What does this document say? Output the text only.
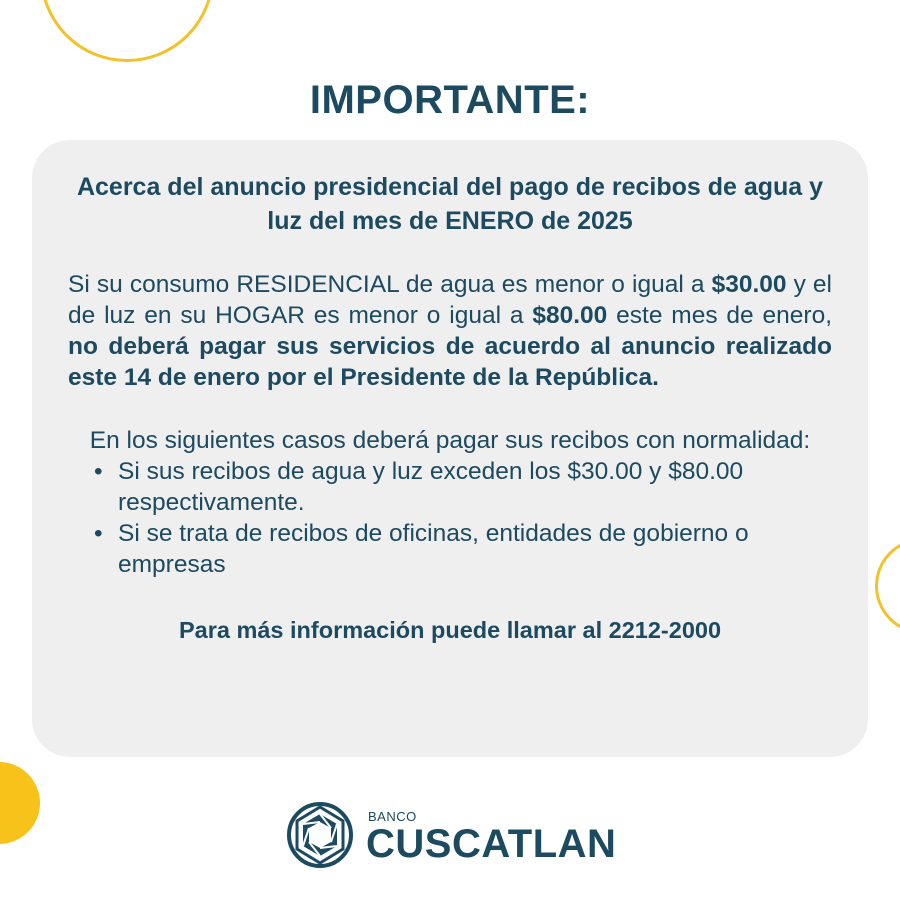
IMPORTANTE:

Acerca del anuncio presidencial del pago de recibos de agua y luz del mes de ENERO de 2025

Si su consumo RESIDENCIAL de agua es menor o igual a $30.00 y el de luz en su HOGAR es menor o igual a $80.00 este mes de enero, no deberá pagar sus servicios de acuerdo al anuncio realizado este 14 de enero por el Presidente de la República.

En los siguientes casos deberá pagar sus recibos con normalidad:

• Si sus recibos de agua y luz exceden los $30.00 y $80.00 respectivamente.
• Si se trata de recibos de oficinas, entidades de gobierno o empresas

Para más información puede llamar al 2212-2000

BANCO
CUSCATLAN
